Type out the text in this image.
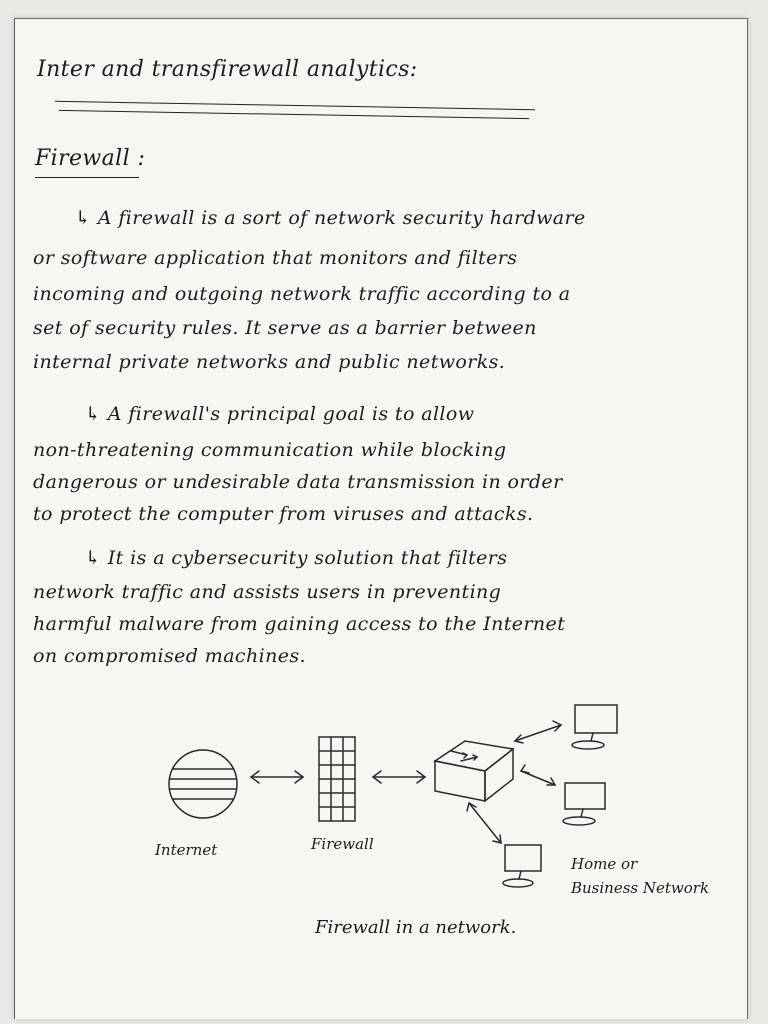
Inter and transfirewall analytics:
Firewall :
↳ A firewall is a sort of network security hardware
or software application that monitors and filters
incoming and outgoing network traffic according to a
set of security rules. It serve as a barrier between
internal private networks and public networks.
↳ A firewall's principal goal is to allow
non-threatening communication while blocking
dangerous or undesirable data transmission in order
to protect the computer from viruses and attacks.
↳ It is a cybersecurity solution that filters
network traffic and assists users in preventing
harmful malware from gaining access to the Internet
on compromised machines.
Internet	Firewall
Home or
Business Network
Firewall in a network.
